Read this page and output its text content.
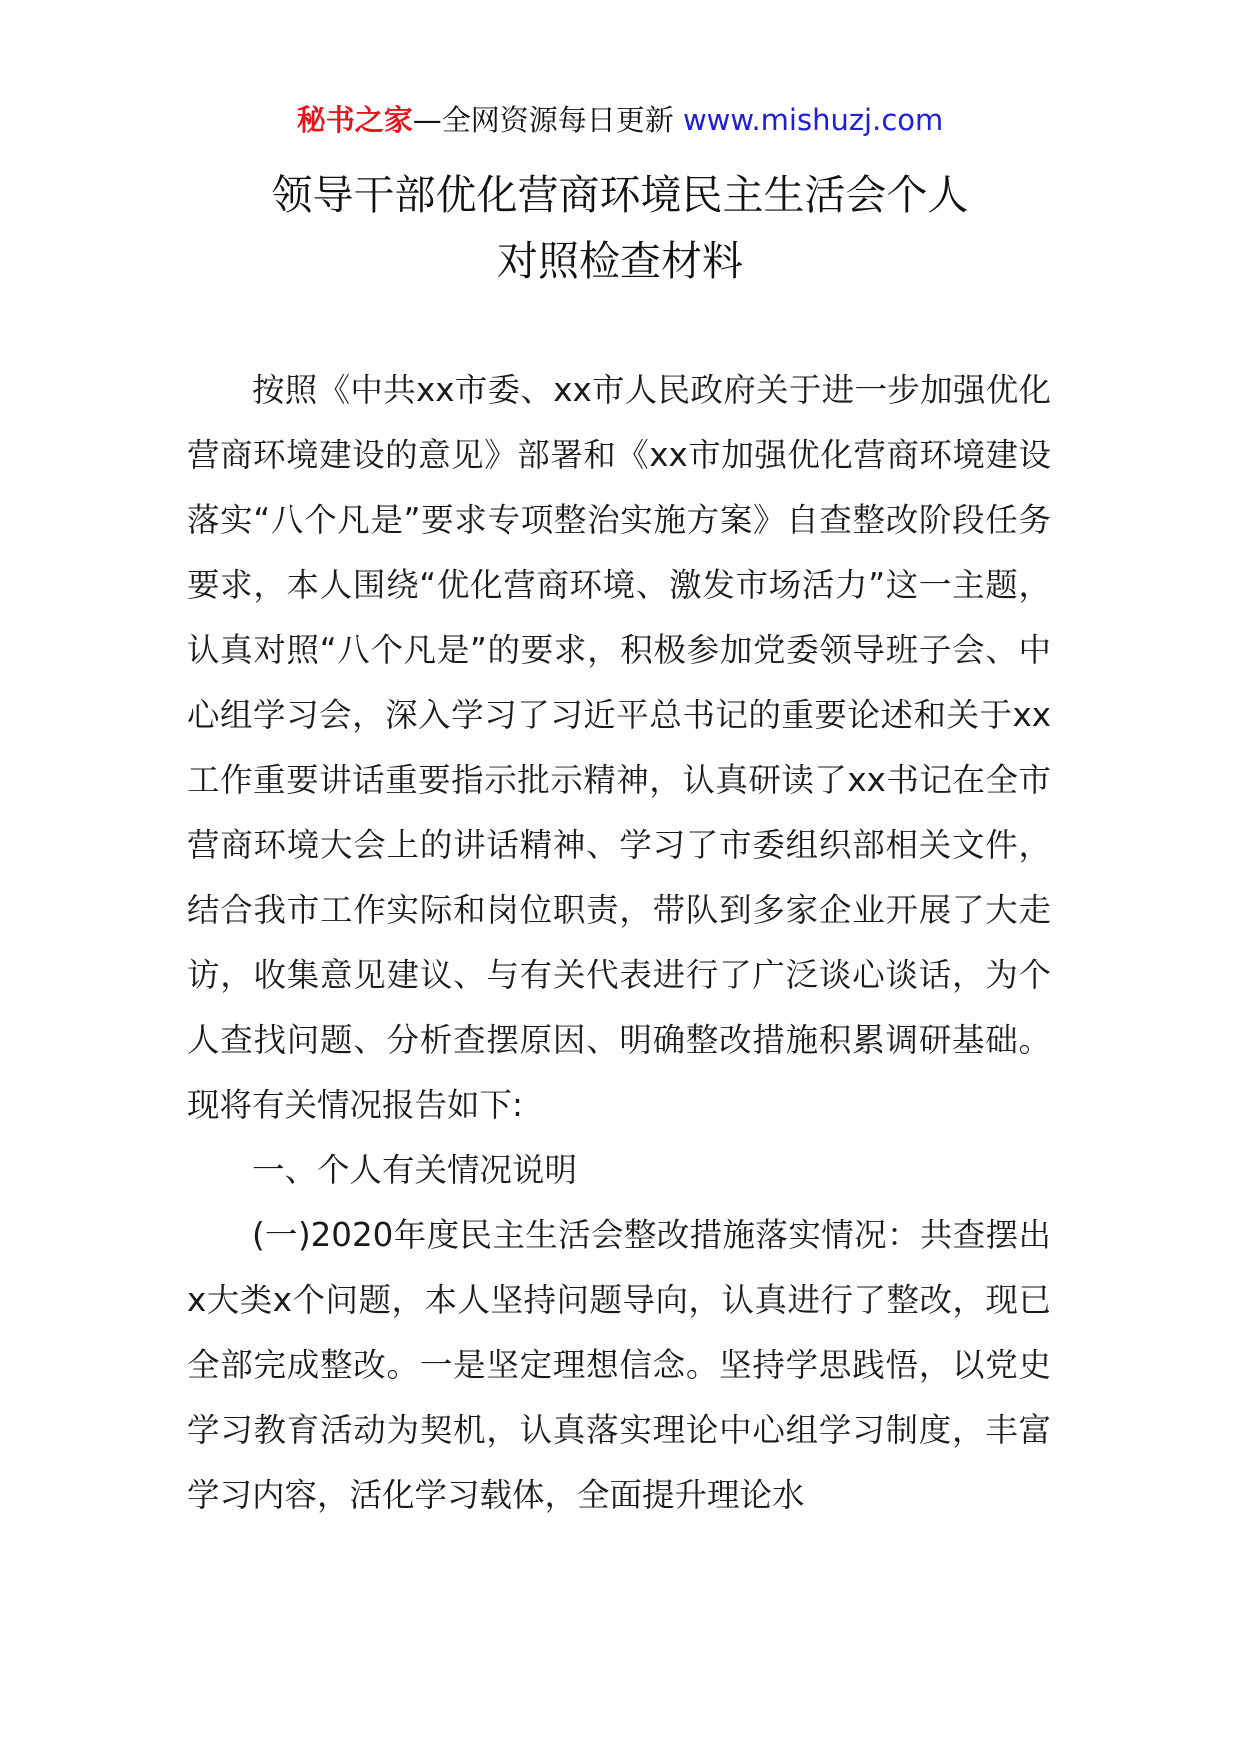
秘书之家—全网资源每日更新 www.mishuzj.com
领导干部优化营商环境民主生活会个人
对照检查材料

按照《中共xx市委、xx市人民政府关于进一步加强优化营商环境建设的意见》部署和《xx市加强优化营商环境建设落实“八个凡是”要求专项整治实施方案》自查整改阶段任务要求，本人围绕“优化营商环境、激发市场活力”这一主题，认真对照“八个凡是”的要求，积极参加党委领导班子会、中心组学习会，深入学习了习近平总书记的重要论述和关于xx工作重要讲话重要指示批示精神，认真研读了xx书记在全市营商环境大会上的讲话精神、学习了市委组织部相关文件，结合我市工作实际和岗位职责，带队到多家企业开展了大走访，收集意见建议、与有关代表进行了广泛谈心谈话，为个人查找问题、分析查摆原因、明确整改措施积累调研基础。现将有关情况报告如下:

一、个人有关情况说明

(一)2020年度民主生活会整改措施落实情况：共查摆出x大类x个问题，本人坚持问题导向，认真进行了整改，现已全部完成整改。一是坚定理想信念。坚持学思践悟，以党史学习教育活动为契机，认真落实理论中心组学习制度，丰富学习内容，活化学习载体，全面提升理论水
